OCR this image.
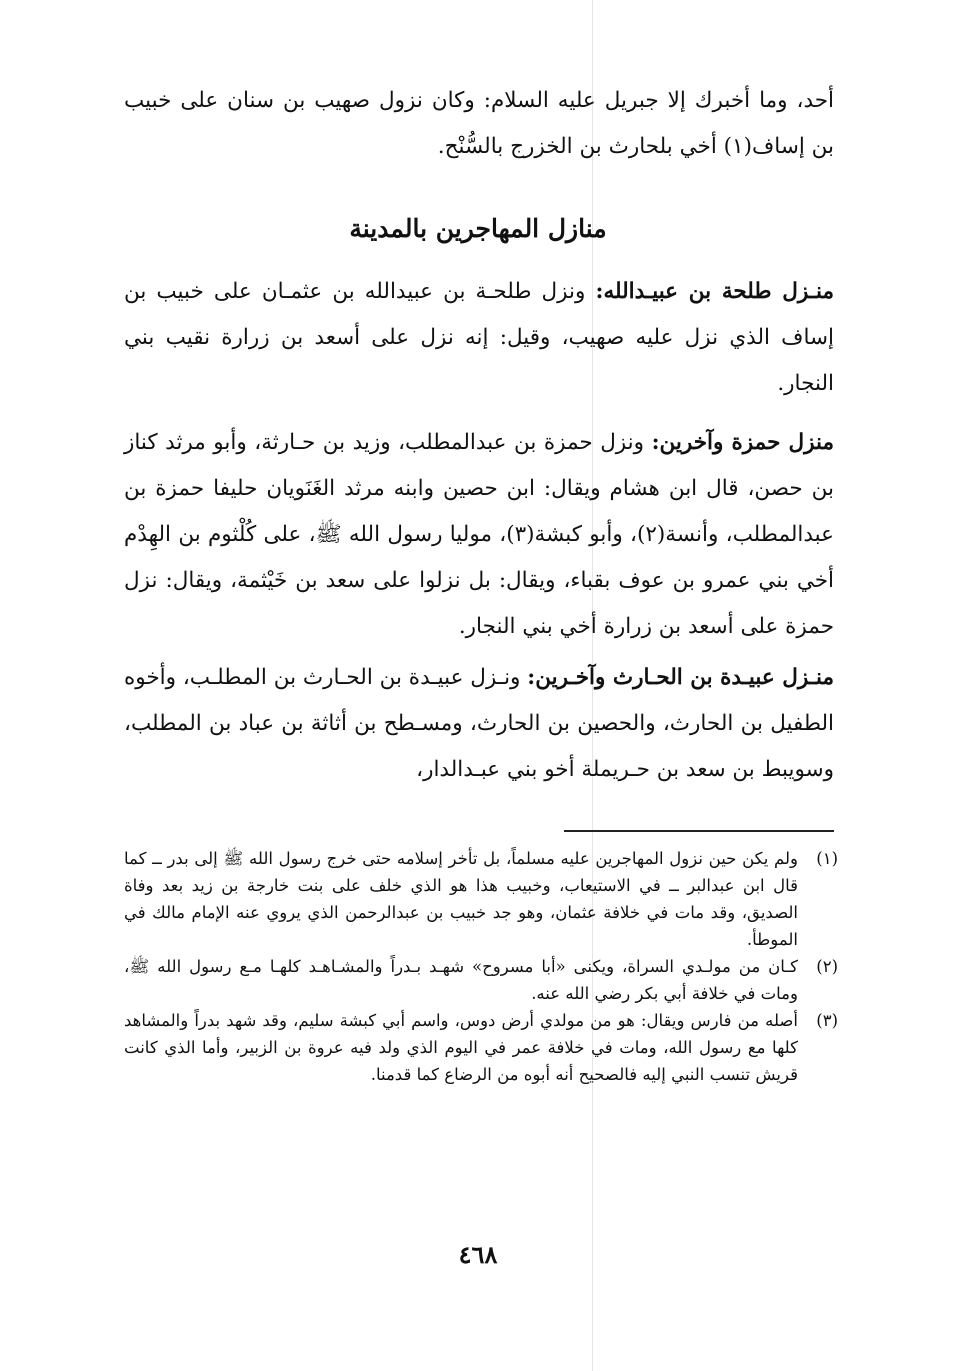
أحد، وما أخبرك إلا جبريل عليه السلام: وكان نزول صهيب بن سنان على خبيب بن إساف(١) أخي بلحارث بن الخزرج بالسُّنْح.

منازل المهاجرين بالمدينة

منـزل طلحة بن عبيـدالله: ونزل طلحـة بن عبيدالله بن عثمـان على خبيب بن إساف الذي نزل عليه صهيب، وقيل: إنه نزل على أسعد بن زرارة نقيب بني النجار.

منزل حمزة وآخرين: ونزل حمزة بن عبدالمطلب، وزيد بن حـارثة، وأبو مرثد كناز بن حصن، قال ابن هشام ويقال: ابن حصين وابنه مرثد الغَنَويان حليفا حمزة بن عبدالمطلب، وأنسة(٢)، وأبو كبشة(٣)، موليا رسول الله ﷺ، على كُلْثوم بن الهِدْم أخي بني عمرو بن عوف بقباء، ويقال: بل نزلوا على سعد بن خَيْثمة، ويقال: نزل حمزة على أسعد بن زرارة أخي بني النجار.

منـزل عبيـدة بن الحـارث وآخـرين: ونـزل عبيـدة بن الحـارث بن المطلـب، وأخوه الطفيل بن الحارث، والحصين بن الحارث، ومسـطح بن أثاثة بن عباد بن المطلب، وسويبط بن سعد بن حـريملة أخو بني عبـدالدار،

(١)
ولم يكن حين نزول المهاجرين عليه مسلماً، بل تأخر إسلامه حتى خرج رسول الله ﷺ إلى بدر ــ كما قال ابن عبدالبر ــ في الاستيعاب، وخبيب هذا هو الذي خلف على بنت خارجة بن زيد بعد وفاة الصديق، وقد مات في خلافة عثمان، وهو جد خبيب بن عبدالرحمن الذي يروي عنه الإمام مالك في الموطأ.
(٢)
كـان من مولـدي السراة، ويكنى «أبا مسروح» شهـد بـدراً والمشـاهـد كلهـا مـع رسول الله ﷺ، ومات في خلافة أبي بكر رضي الله عنه.
(٣)
أصله من فارس ويقال: هو من مولدي أرض دوس، واسم أبي كبشة سليم، وقد شهد بدراً والمشاهد كلها مع رسول الله، ومات في خلافة عمر في اليوم الذي ولد فيه عروة بن الزبير، وأما الذي كانت قريش تنسب النبي إليه فالصحيح أنه أبوه من الرضاع كما قدمنا.
٤٦٨
